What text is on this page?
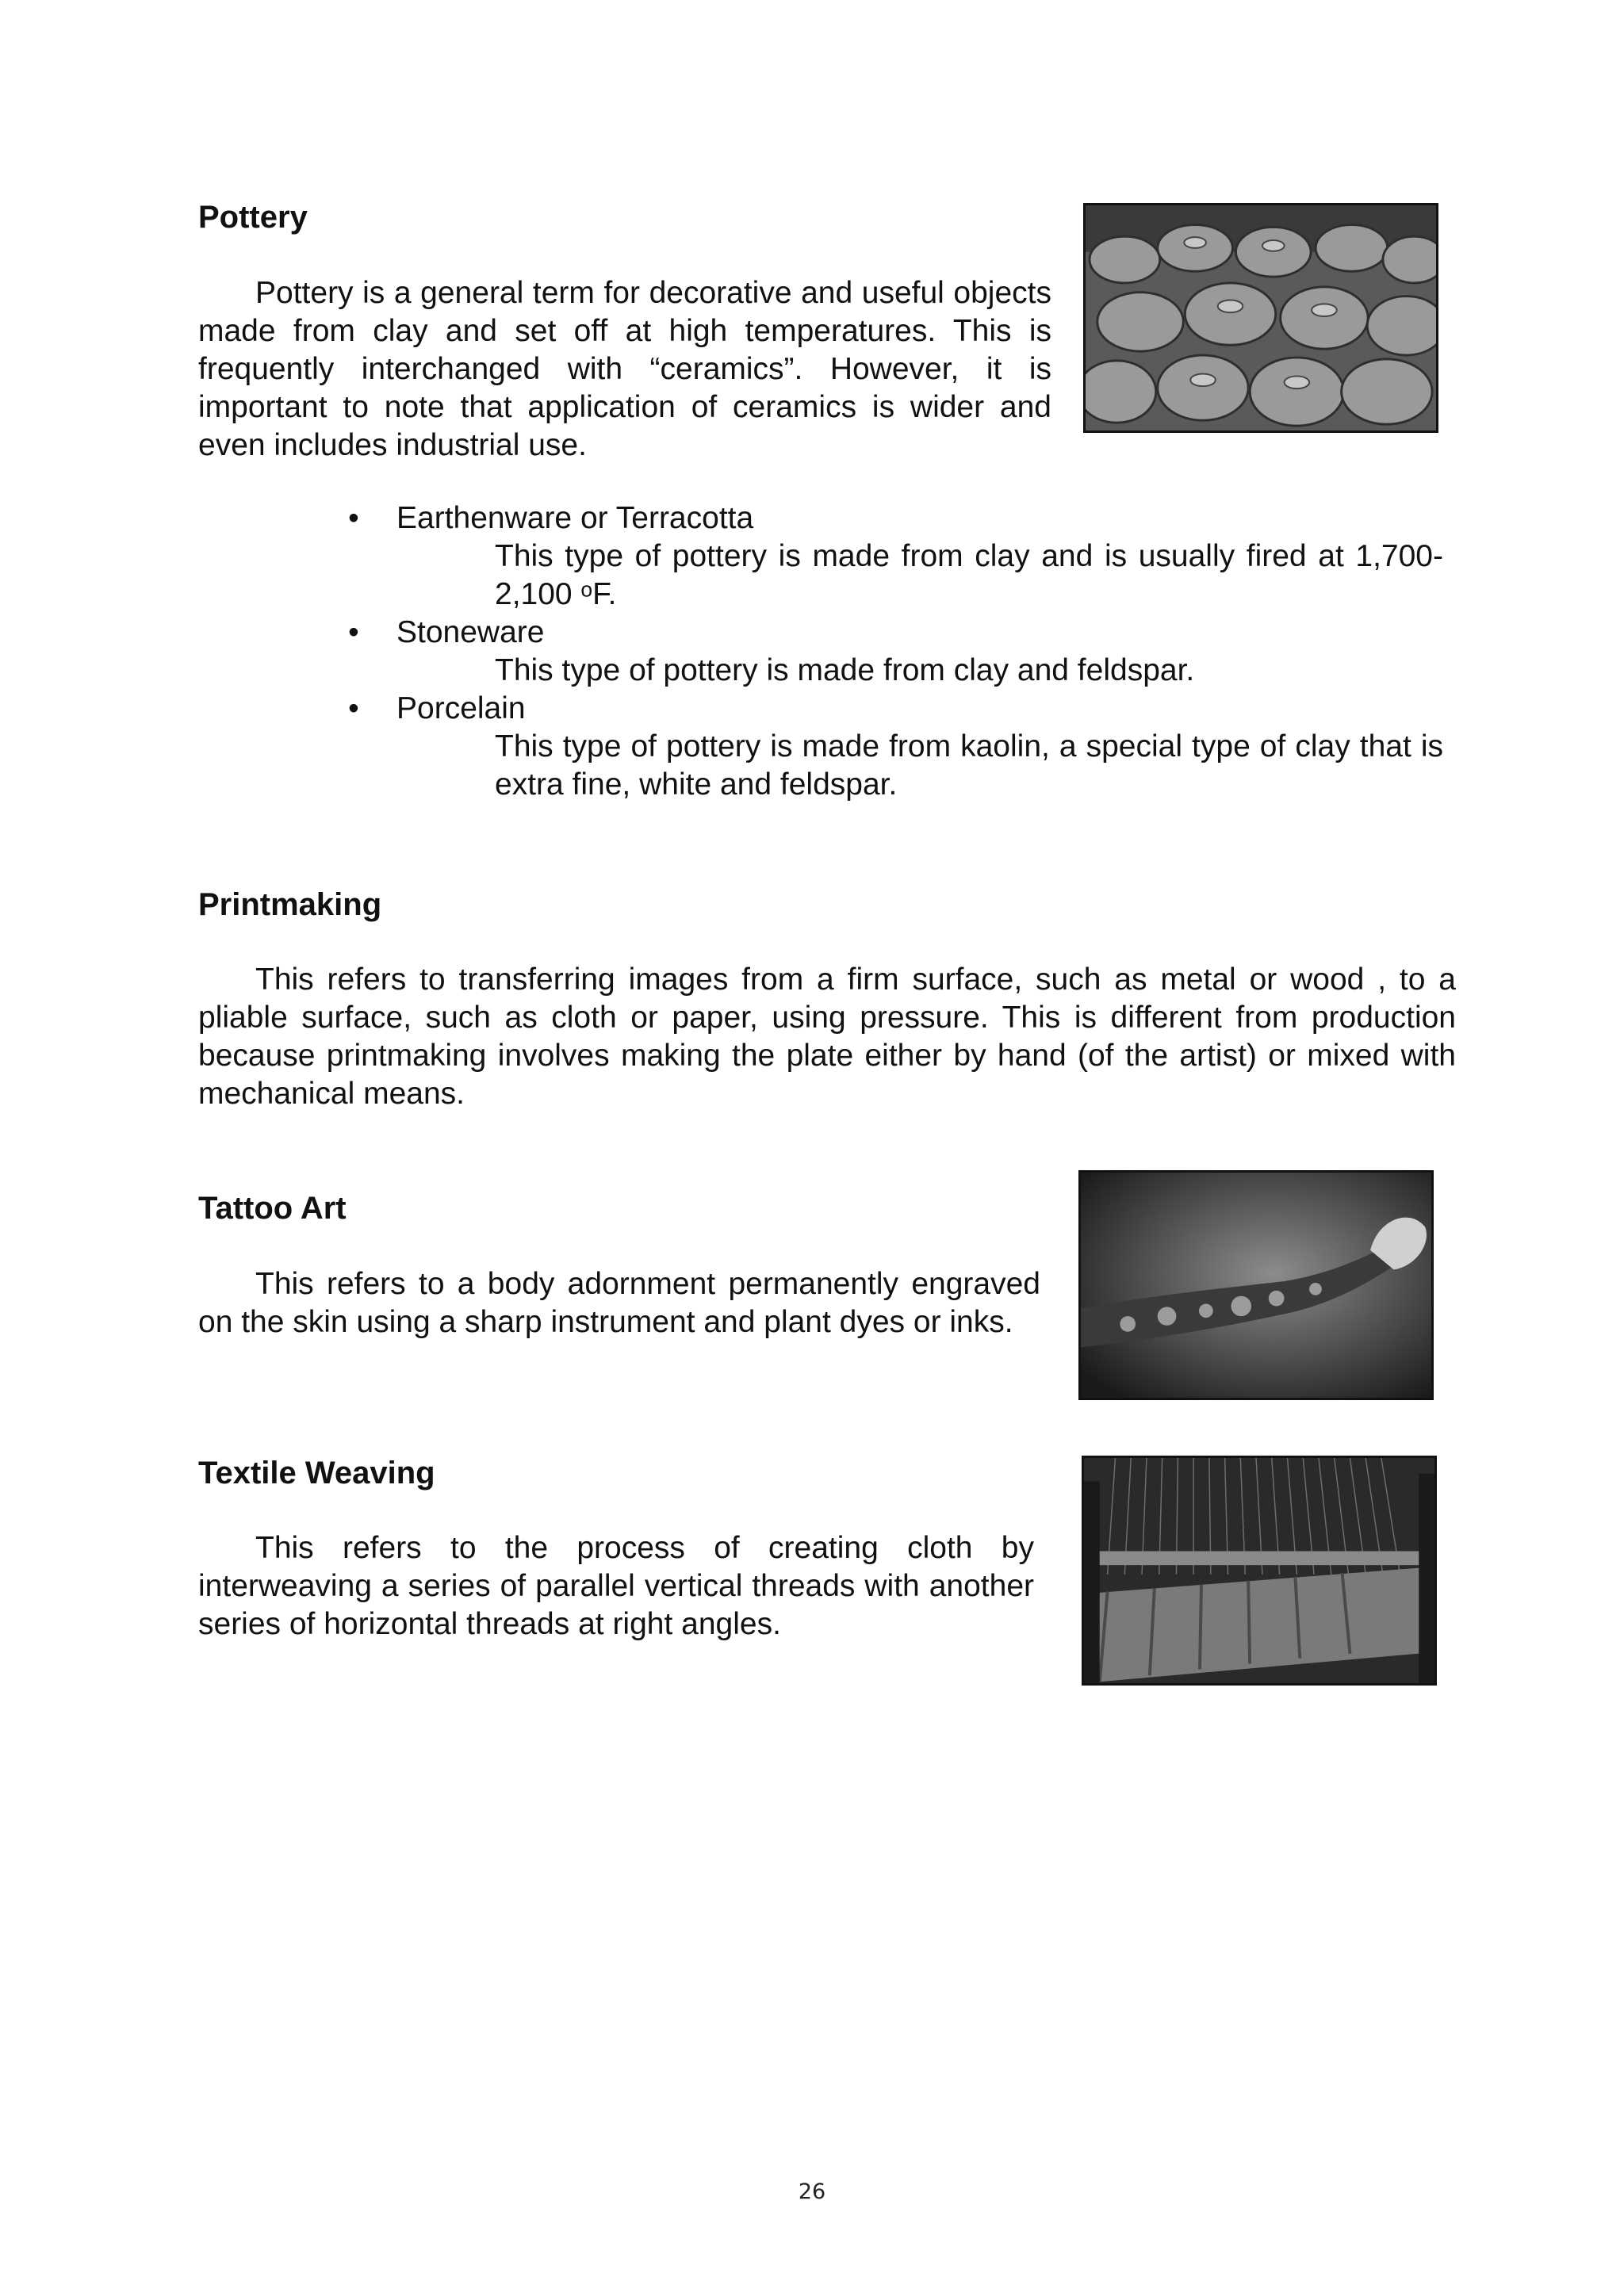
Pottery

Pottery is a general term for decorative and useful objects made from clay and set off at high temperatures. This is frequently interchanged with “ceramics”. However, it is important to note that application of ceramics is wider and even includes industrial use.

• Earthenware or Terracotta
This type of pottery is made from clay and is usually fired at 1,700-2,100 ᵒF.
• Stoneware
This type of pottery is made from clay and feldspar.
• Porcelain
This type of pottery is made from kaolin, a special type of clay that is extra fine, white and feldspar.
Printmaking

This refers to transferring images from a firm surface, such as metal or wood , to a pliable surface, such as cloth or paper, using pressure. This is different from production because printmaking involves making the plate either by hand (of the artist) or mixed with mechanical means.

Tattoo Art

This refers to a body adornment permanently engraved on the skin using a sharp instrument and plant dyes or inks.

Textile Weaving

This refers to the process of creating cloth by interweaving a series of parallel vertical threads with another series of horizontal threads at right angles.

26
